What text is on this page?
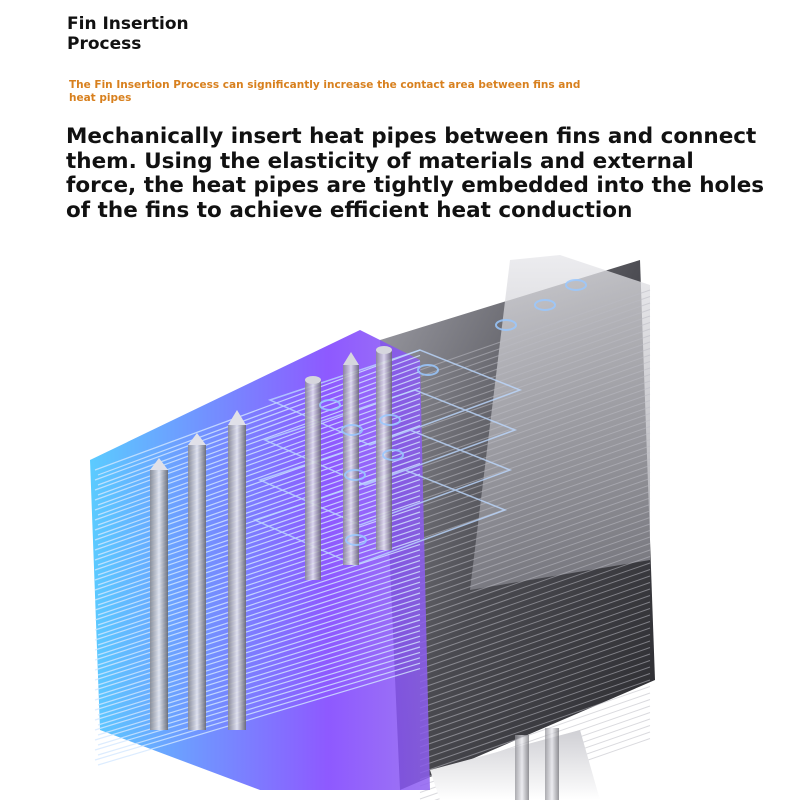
Fin Insertion Process
The Fin Insertion Process can significantly increase the contact area between fins and heat pipes
Mechanically insert heat pipes between fins and connect them. Using the elasticity of materials and external force, the heat pipes are tightly embedded into the holes of the fins to achieve efficient heat conduction
